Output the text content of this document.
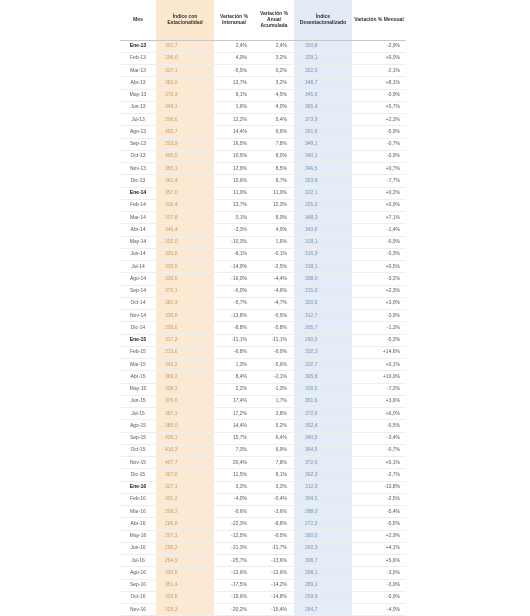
Mes	Índice con Estacionalidad	Variación % Interanual	Variación % Anual Acumulada	Índice Desestacionalizado	Variación % Mensual
Ene-13	321,7	2,4%	2,4%	320,8	-2,9%
Feb-13	296,0	4,0%	3,2%	329,1	+6,0%
Mar-13	337,1	-5,5%	0,2%	322,5	-2,1%
Abr-13	363,9	13,7%	3,2%	348,7	+8,1%
May-13	370,3	9,1%	4,5%	345,5	-0,9%
Jun-13	349,1	1,6%	4,0%	365,4	+5,7%
Jul-13	398,6	12,2%	5,4%	373,9	+2,3%
Ago-13	400,7	14,4%	6,6%	351,6	-5,9%
Sep-13	393,9	16,5%	7,8%	349,1	-0,7%
Oct-13	405,5	10,5%	8,0%	340,1	-0,9%
Nov-13	395,1	12,9%	8,5%	346,5	+0,7%
Dic-13	361,4	10,6%	8,7%	323,8	-7,7%
Ene-14	357,0	11,0%	11,0%	322,1	+0,2%
Feb-14	336,4	13,7%	12,3%	325,0	+0,9%
Mar-14	337,8	0,1%	8,0%	348,3	+7,1%
Abr-14	346,4	-3,3%	4,9%	343,6	-1,4%
May-14	332,0	-10,3%	1,6%	318,1	-6,9%
Jun-14	320,8	-8,1%	-0,1%	316,9	-0,3%
Jul-14	339,5	-14,9%	-2,5%	318,1	+0,5%
Ago-14	336,5	-16,0%	-4,4%	308,0	-3,2%
Sep-14	370,1	-6,0%	-4,6%	315,0	+2,3%
Oct-14	382,3	-5,7%	-4,7%	320,5	+3,0%
Nov-14	338,8	-13,8%	-5,5%	312,7	-3,9%
Dic-14	328,6	-8,8%	-5,8%	305,7	-1,3%
Ene-15	317,3	-11,1%	-11,1%	290,0	-5,2%
Feb-15	313,6	-6,8%	-9,0%	332,3	+14,6%
Mar-15	342,2	1,3%	-5,6%	332,7	+0,1%
Abr-15	369,2	8,4%	-2,1%	365,8	+10,0%
May-15	339,3	2,2%	-1,3%	339,5	-7,2%
Jun-15	376,6	17,4%	1,7%	351,6	+3,6%
Jul-15	397,1	17,2%	3,8%	372,6	+6,0%
Ago-15	385,0	14,4%	5,2%	352,4	-5,5%
Sep-15	426,1	15,7%	6,4%	340,5	-3,4%
Oct-15	410,3	7,3%	6,9%	364,5	-0,7%
Nov-15	407,7	20,4%	7,8%	372,6	+5,1%
Dic-15	367,6	11,5%	8,1%	362,3	-2,7%
Ene-16	327,1	3,3%	3,3%	312,3	-13,8%
Feb-16	301,2	-4,0%	-0,4%	304,5	-2,5%
Mar-16	309,2	-9,6%	-3,6%	288,0	-5,4%
Abr-16	286,8	-22,3%	-8,8%	272,2	-5,5%
May-16	297,1	-12,5%	-9,5%	280,0	+2,9%
Jun-16	296,2	-21,3%	-11,7%	292,3	+4,1%
Jul-16	294,9	-25,7%	-13,6%	308,7	+5,6%
Ago-16	332,8	-13,6%	-13,6%	298,1	-3,5%
Sep-16	351,4	-17,5%	-14,2%	289,1	-3,0%
Oct-16	329,8	-19,6%	-14,8%	259,9	-0,9%
Nov-16	325,3	-20,2%	-15,4%	284,7	-4,0%
